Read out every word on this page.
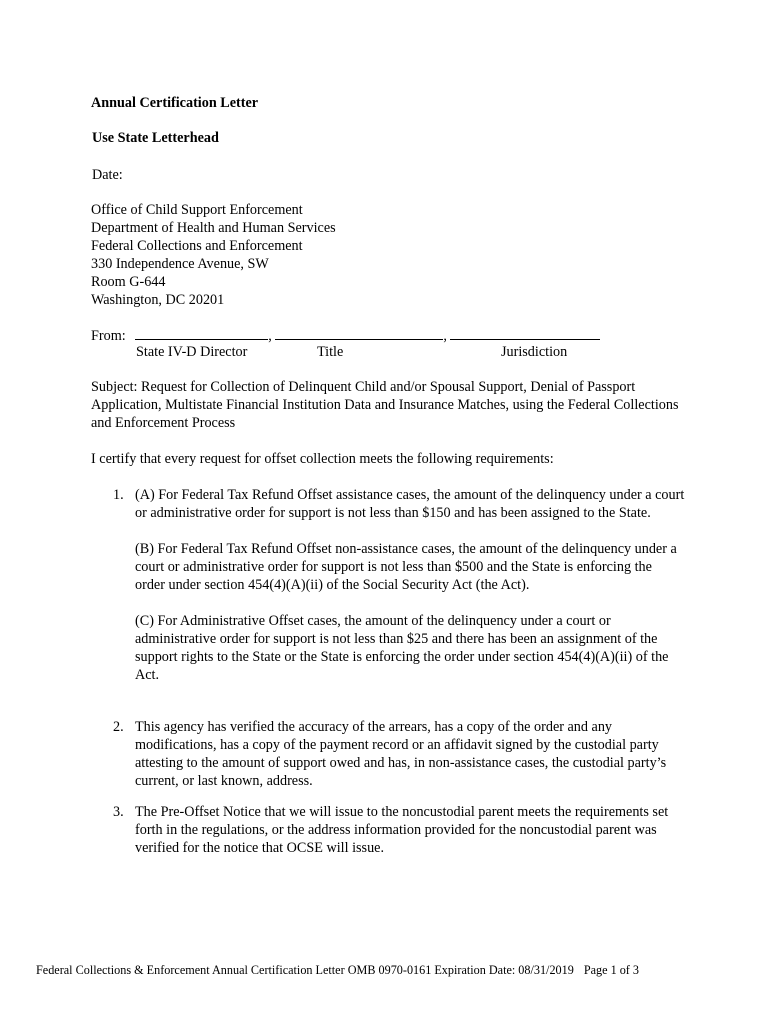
Annual Certification Letter
Use State Letterhead
Date:
Office of Child Support Enforcement
Department of Health and Human Services
Federal Collections and Enforcement
330 Independence Avenue, SW
Room G-644
Washington, DC 20201
From:	,	,
State IV-D Director	Title	Jurisdiction
Subject: Request for Collection of Delinquent Child and/or Spousal Support, Denial of Passport Application, Multistate Financial Institution Data and Insurance Matches, using the Federal Collections and Enforcement Process
I certify that every request for offset collection meets the following requirements:
1. (A) For Federal Tax Refund Offset assistance cases, the amount of the delinquency under a court or administrative order for support is not less than $150 and has been assigned to the State.

(B) For Federal Tax Refund Offset non-assistance cases, the amount of the delinquency under a court or administrative order for support is not less than $500 and the State is enforcing the order under section 454(4)(A)(ii) of the Social Security Act (the Act).

(C) For Administrative Offset cases, the amount of the delinquency under a court or administrative order for support is not less than $25 and there has been an assignment of the support rights to the State or the State is enforcing the order under section 454(4)(A)(ii) of the Act.

2. This agency has verified the accuracy of the arrears, has a copy of the order and any modifications, has a copy of the payment record or an affidavit signed by the custodial party attesting to the amount of support owed and has, in non-assistance cases, the custodial party’s current, or last known, address.

3. The Pre-Offset Notice that we will issue to the noncustodial parent meets the requirements set forth in the regulations, or the address information provided for the noncustodial parent was verified for the notice that OCSE will issue.

Federal Collections & Enforcement Annual Certification Letter OMB 0970-0161 Expiration Date: 08/31/2019 Page 1 of 3
